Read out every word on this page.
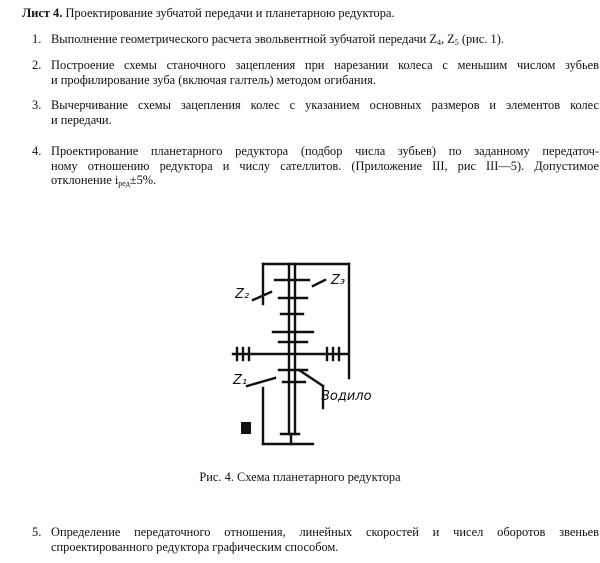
Лист 4. Проектирование зубчатой передачи и планетарною редуктора.
1. Выполнение геометрического расчета эвольвентной зубчатой передачи $Z_4$, $Z_5$ (рис. 1).
2. Построение схемы станочного зацепления при нарезании колеса с меньшим числом зубьев
и профилирование зуба (включая галтель) методом огибания.
3. Вычерчивание схемы зацепления колес с указанием основных размеров и элементов колес
и передачи.
4. Проектирование планетарного редуктора (подбор числа зубьев) по заданному передаточ-
ному отношению редуктора и числу сателлитов. (Приложение III, рис III—5). Допустимое
отклонение $i_{ред}\pm 5\%$.
Z₂
Z₃
Z₁
Водило
Рис. 4. Схема планетарного редуктора
5. Определение передаточного отношения, линейных скоростей и чисел оборотов звеньев
спроектированного редуктора графическим способом.
